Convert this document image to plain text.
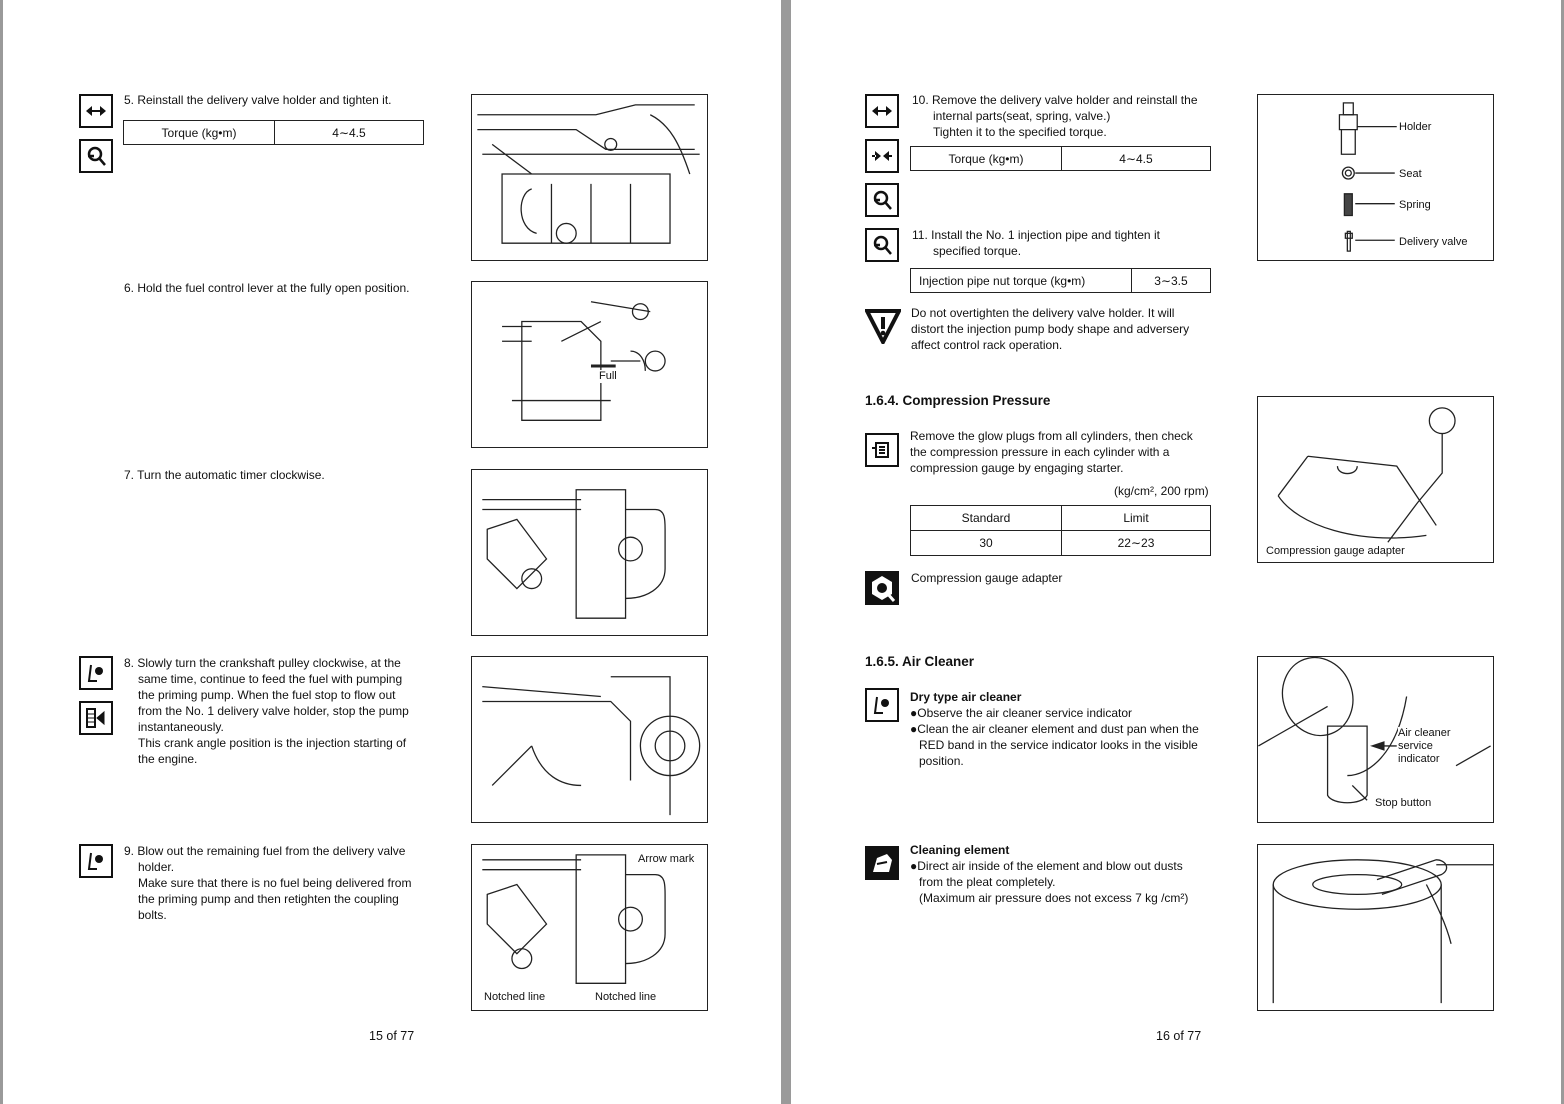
5. Reinstall the delivery valve holder and tighten it.
Torque (kg•m)	4∼4.5
6. Hold the fuel control lever at the fully open position.
Full
7. Turn the automatic timer clockwise.
8. Slowly turn the crankshaft pulley clockwise, at the
same time, continue to feed the fuel with pumping
the priming pump. When the fuel stop to flow out
from the No. 1 delivery valve holder, stop the pump
instantaneously.
This crank angle position is the injection starting of
the engine.
9. Blow out the remaining fuel from the delivery valve
holder.
Make sure that there is no fuel being delivered from
the priming pump and then retighten the coupling
bolts.
Arrow mark
Notched line	Notched line
15 of 77
10. Remove the delivery valve holder and reinstall the
internal parts(seat, spring, valve.)
Tighten it to the specified torque.
Torque (kg•m)	4∼4.5
11. Install the No. 1 injection pipe and tighten it
specified torque.
Injection pipe nut torque (kg•m)	3∼3.5
Do not overtighten the delivery valve holder. It will
distort the injection pump body shape and adversery
affect control rack operation.
Holder
Seat
Spring
Delivery valve
1.6.4. Compression Pressure
Remove the glow plugs from all cylinders, then check
the compression pressure in each cylinder with a
compression gauge by engaging starter.
(kg/cm², 200 rpm)
Standard	Limit
30	22∼23
Compression gauge adapter
Compression gauge adapter
1.6.5. Air Cleaner
Dry type air cleaner
●Observe the air cleaner service indicator
●Clean the air cleaner element and dust pan when the
RED band in the service indicator looks in the visible
position.
Cleaning element
●Direct air inside of the element and blow out dusts
from the pleat completely.
(Maximum air pressure does not excess 7 kg /cm²)
Air cleaner
service
indicator
Stop button
16 of 77
